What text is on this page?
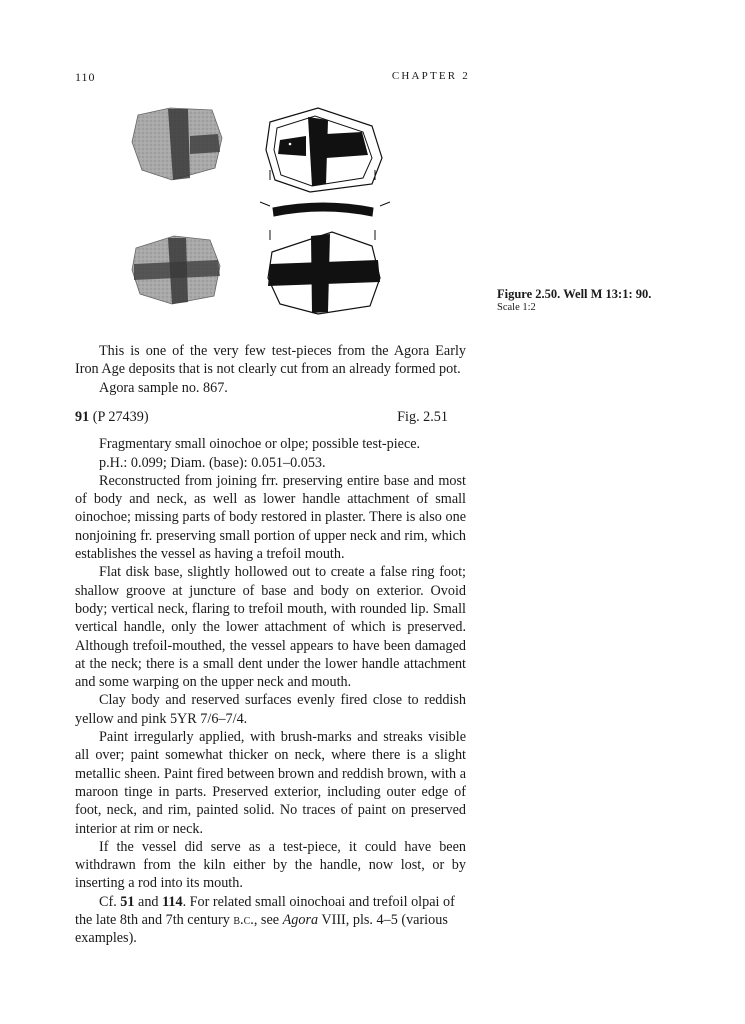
110	CHAPTER 2
Figure 2.50. Well M 13:1: 90.
Scale 1:2

This is one of the very few test-pieces from the Agora Early Iron Age deposits that is not clearly cut from an already formed pot.

Agora sample no. 867.

91 (P 27439)	Fig. 2.51

Fragmentary small oinochoe or olpe; possible test-piece.

p.H.: 0.099; Diam. (base): 0.051–0.053.

Reconstructed from joining frr. preserving entire base and most of body and neck, as well as lower handle attachment of small oinochoe; missing parts of body restored in plaster. There is also one nonjoining fr. preserving small portion of upper neck and rim, which establishes the vessel as having a trefoil mouth.

Flat disk base, slightly hollowed out to create a false ring foot; shallow groove at juncture of base and body on exterior. Ovoid body; vertical neck, flaring to trefoil mouth, with rounded lip. Small vertical handle, only the lower attachment of which is preserved. Although trefoil-mouthed, the vessel appears to have been damaged at the neck; there is a small dent under the lower handle attachment and some warping on the upper neck and mouth.

Clay body and reserved surfaces evenly fired close to reddish yellow and pink 5YR 7/6–7/4.

Paint irregularly applied, with brush-marks and streaks visible all over; paint somewhat thicker on neck, where there is a slight metallic sheen. Paint fired between brown and reddish brown, with a maroon tinge in parts. Preserved exterior, including outer edge of foot, neck, and rim, painted solid. No traces of paint on preserved interior at rim or neck.

If the vessel did serve as a test-piece, it could have been withdrawn from the kiln either by the handle, now lost, or by inserting a rod into its mouth.

Cf. 51 and 114. For related small oinochoai and trefoil olpai of the late 8th and 7th century b.c., see Agora VIII, pls. 4–5 (various examples).
